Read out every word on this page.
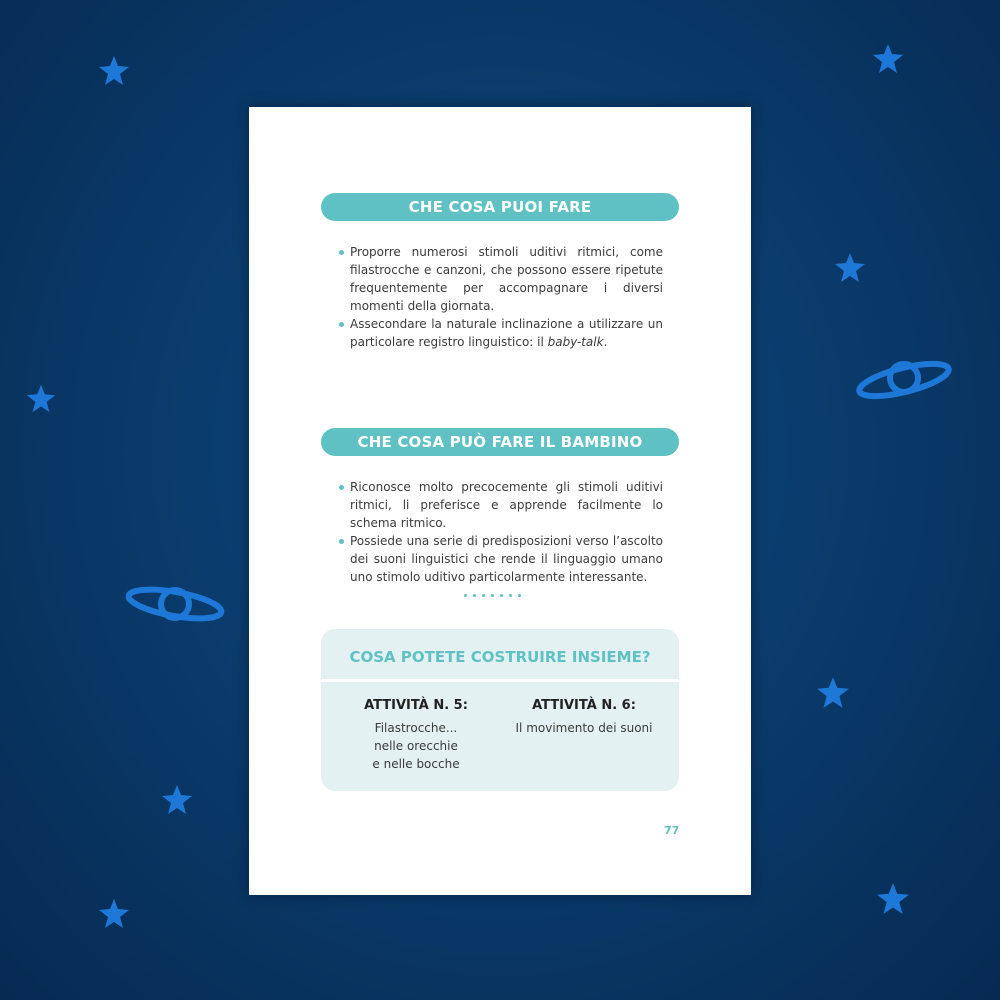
CHE COSA PUOI FARE
Proporre numerosi stimoli uditivi ritmici, come filastrocche e canzoni, che possono essere ripetute frequentemente per accompagnare i diversi momenti della giornata.
Assecondare la naturale inclinazione a utilizzare un particolare registro linguistico: il baby-talk.
CHE COSA PUÒ FARE IL BAMBINO
Riconosce molto precocemente gli stimoli uditivi ritmici, li preferisce e apprende facilmente lo schema ritmico.
Possiede una serie di predisposizioni verso l’ascolto dei suoni linguistici che rende il linguaggio umano uno stimolo uditivo particolarmente interessante.
COSA POTETE COSTRUIRE INSIEME?
ATTIVITÀ N. 5:
Filastrocche...
nelle orecchie
e nelle bocche
ATTIVITÀ N. 6:
Il movimento dei suoni
77
